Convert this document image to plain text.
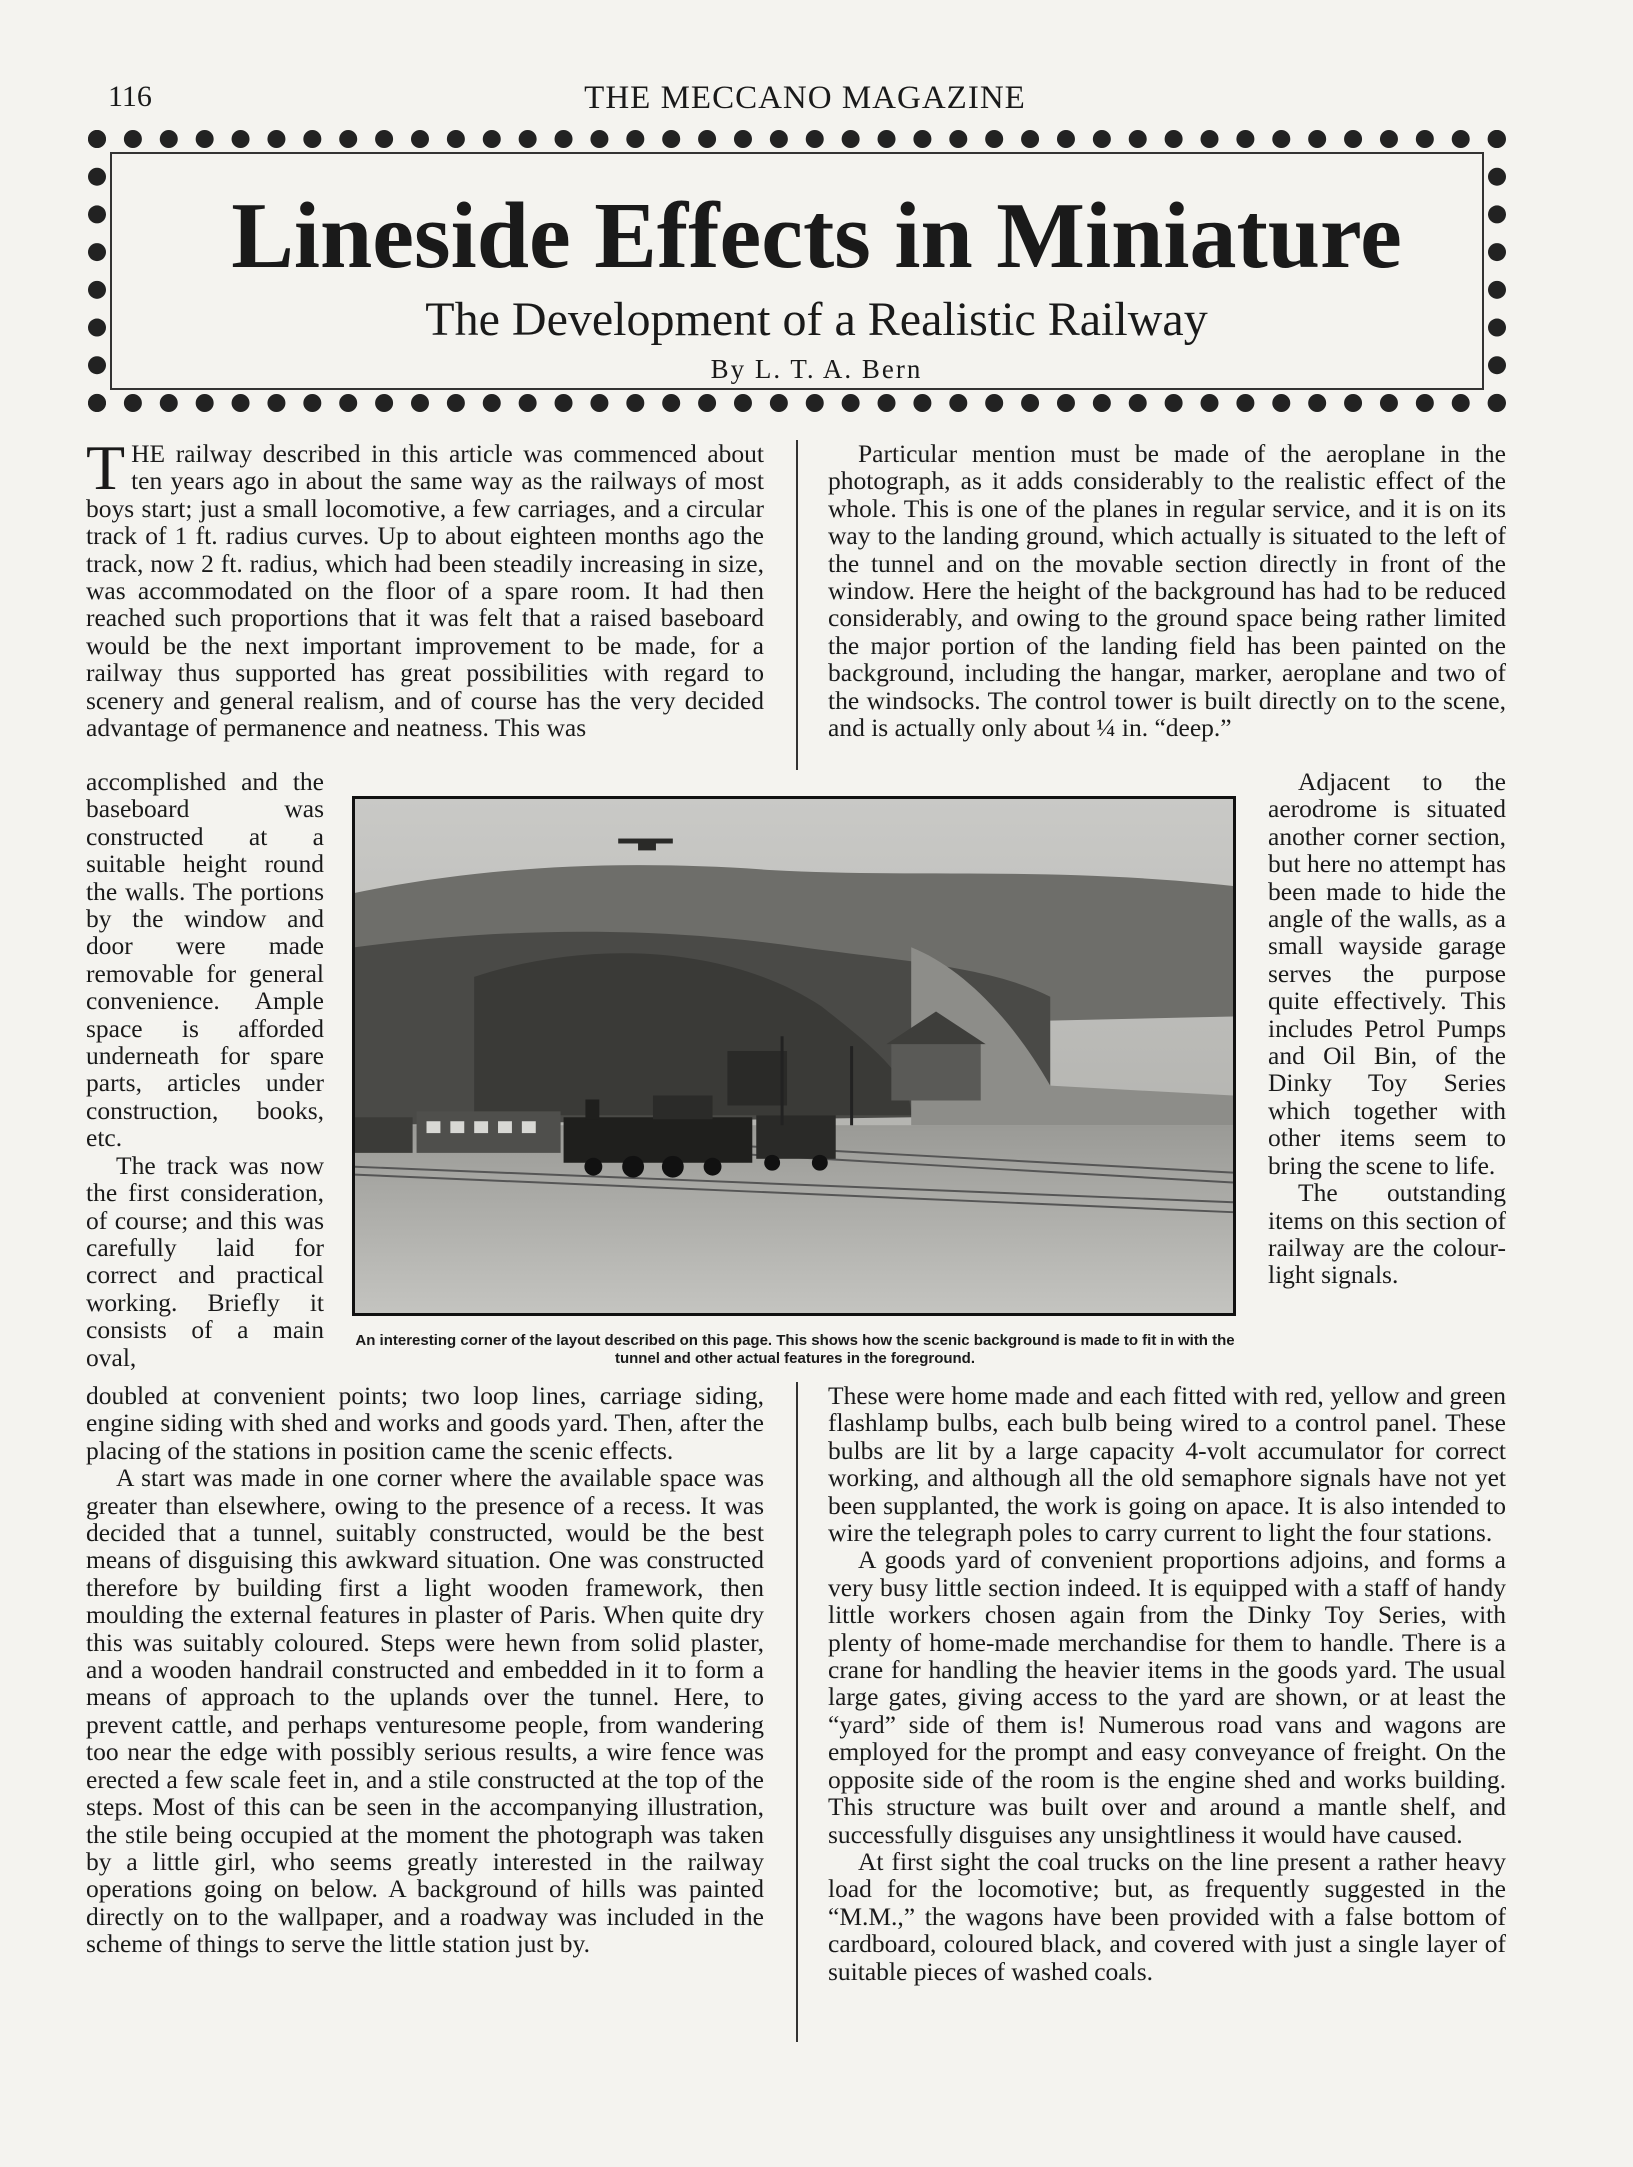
116	THE MECCANO MAGAZINE
Lineside Effects in Miniature
The Development of a Realistic Railway
By L. T. A. Bern

THE railway described in this article was commenced about ten years ago in about the same way as the railways of most boys start; just a small locomotive, a few carriages, and a circular track of 1 ft. radius curves. Up to about eighteen months ago the track, now 2 ft. radius, which had been steadily increasing in size, was accommodated on the floor of a spare room. It had then reached such proportions that it was felt that a raised baseboard would be the next important improvement to be made, for a railway thus supported has great possibilities with regard to scenery and general realism, and of course has the very decided advantage of permanence and neatness. This was

Particular mention must be made of the aeroplane in the photograph, as it adds considerably to the realistic effect of the whole. This is one of the planes in regular service, and it is on its way to the landing ground, which actually is situated to the left of the tunnel and on the movable section directly in front of the window. Here the height of the background has had to be reduced considerably, and owing to the ground space being rather limited the major portion of the landing field has been painted on the background, including the hangar, marker, aeroplane and two of the windsocks. The control tower is built directly on to the scene, and is actually only about ¼ in. “deep.”

accomplished and the baseboard was constructed at a suitable height round the walls. The portions by the window and door were made removable for general convenience. Ample space is afforded underneath for spare parts, articles under construction, books, etc.

The track was now the first consideration, of course; and this was carefully laid for correct and practical working. Briefly it consists of a main oval,

An interesting corner of the layout described on this page. This shows how the scenic background is made to fit in with the tunnel and other actual features in the foreground.

Adjacent to the aerodrome is situated another corner section, but here no attempt has been made to hide the angle of the walls, as a small wayside garage serves the purpose quite effectively. This includes Petrol Pumps and Oil Bin, of the Dinky Toy Series which together with other items seem to bring the scene to life.

The outstanding items on this section of railway are the colour-light signals.

doubled at convenient points; two loop lines, carriage siding, engine siding with shed and works and goods yard. Then, after the placing of the stations in position came the scenic effects.

A start was made in one corner where the available space was greater than elsewhere, owing to the presence of a recess. It was decided that a tunnel, suitably constructed, would be the best means of disguising this awkward situation. One was constructed therefore by building first a light wooden framework, then moulding the external features in plaster of Paris. When quite dry this was suitably coloured. Steps were hewn from solid plaster, and a wooden handrail constructed and embedded in it to form a means of approach to the uplands over the tunnel. Here, to prevent cattle, and perhaps venturesome people, from wandering too near the edge with possibly serious results, a wire fence was erected a few scale feet in, and a stile constructed at the top of the steps. Most of this can be seen in the accompanying illustration, the stile being occupied at the moment the photograph was taken by a little girl, who seems greatly interested in the railway operations going on below. A background of hills was painted directly on to the wallpaper, and a roadway was included in the scheme of things to serve the little station just by.

These were home made and each fitted with red, yellow and green flashlamp bulbs, each bulb being wired to a control panel. These bulbs are lit by a large capacity 4-volt accumulator for correct working, and although all the old semaphore signals have not yet been supplanted, the work is going on apace. It is also intended to wire the telegraph poles to carry current to light the four stations.

A goods yard of convenient proportions adjoins, and forms a very busy little section indeed. It is equipped with a staff of handy little workers chosen again from the Dinky Toy Series, with plenty of home-made merchandise for them to handle. There is a crane for handling the heavier items in the goods yard. The usual large gates, giving access to the yard are shown, or at least the “yard” side of them is! Numerous road vans and wagons are employed for the prompt and easy conveyance of freight. On the opposite side of the room is the engine shed and works building. This structure was built over and around a mantle shelf, and successfully disguises any unsightliness it would have caused.

At first sight the coal trucks on the line present a rather heavy load for the locomotive; but, as frequently suggested in the “M.M.,” the wagons have been provided with a false bottom of cardboard, coloured black, and covered with just a single layer of suitable pieces of washed coals.
